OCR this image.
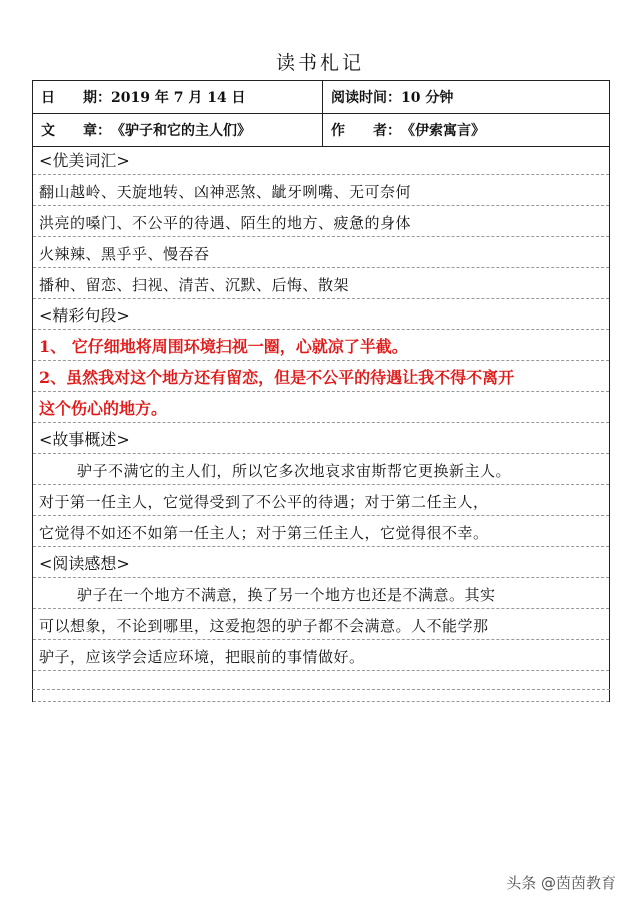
读书札记
日　　期： 2019 年 7 月 14 日	阅读时间： 10 分钟
文　　章： 《驴子和它的主人们》	作　　者： 《伊索寓言》
<优美词汇>
翻山越岭、天旋地转、凶神恶煞、龇牙咧嘴、无可奈何
洪亮的嗓门、不公平的待遇、陌生的地方、疲惫的身体
火辣辣、黑乎乎、慢吞吞
播种、留恋、扫视、清苦、沉默、后悔、散架
<精彩句段>
1、 它仔细地将周围环境扫视一圈，心就凉了半截。
2、虽然我对这个地方还有留恋，但是不公平的待遇让我不得不离开
这个伤心的地方。
<故事概述>
驴子不满它的主人们，所以它多次地哀求宙斯帮它更换新主人。
对于第一任主人，它觉得受到了不公平的待遇；对于第二任主人，
它觉得不如还不如第一任主人；对于第三任主人，它觉得很不幸。
<阅读感想>
驴子在一个地方不满意，换了另一个地方也还是不满意。其实
可以想象，不论到哪里，这爱抱怨的驴子都不会满意。人不能学那
驴子，应该学会适应环境，把眼前的事情做好。
头条 @茵茵教育
